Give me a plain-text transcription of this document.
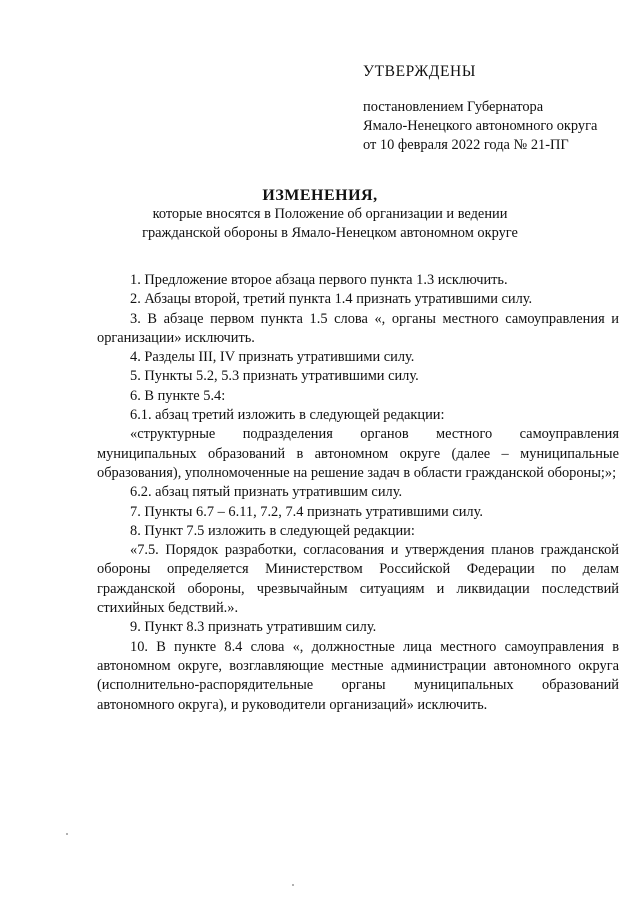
УТВЕРЖДЕНЫ
постановлением Губернатора
Ямало-Ненецкого автономного округа
от 10 февраля 2022 года № 21-ПГ
ИЗМЕНЕНИЯ,
которые вносятся в Положение об организации и ведении
гражданской обороны в Ямало-Ненецком автономном округе

1. Предложение второе абзаца первого пункта 1.3 исключить.

2. Абзацы второй, третий пункта 1.4 признать утратившими силу.

3. В абзаце первом пункта 1.5 слова «, органы местного самоуправления и организации» исключить.

4. Разделы III, IV признать утратившими силу.

5. Пункты 5.2, 5.3 признать утратившими силу.

6. В пункте 5.4:

6.1. абзац третий изложить в следующей редакции:

«структурные подразделения органов местного самоуправления муниципальных образований в автономном округе (далее – муниципальные образования), уполномоченные на решение задач в области гражданской обороны;»;

6.2. абзац пятый признать утратившим силу.

7. Пункты 6.7 – 6.11, 7.2, 7.4 признать утратившими силу.

8. Пункт 7.5 изложить в следующей редакции:

«7.5. Порядок разработки, согласования и утверждения планов гражданской обороны определяется Министерством Российской Федерации по делам гражданской обороны, чрезвычайным ситуациям и ликвидации последствий стихийных бедствий.».

9. Пункт 8.3 признать утратившим силу.

10. В пункте 8.4 слова «, должностные лица местного самоуправления в автономном округе, возглавляющие местные администрации автономного округа (исполнительно-распорядительные органы муниципальных образований автономного округа), и руководители организаций» исключить.
